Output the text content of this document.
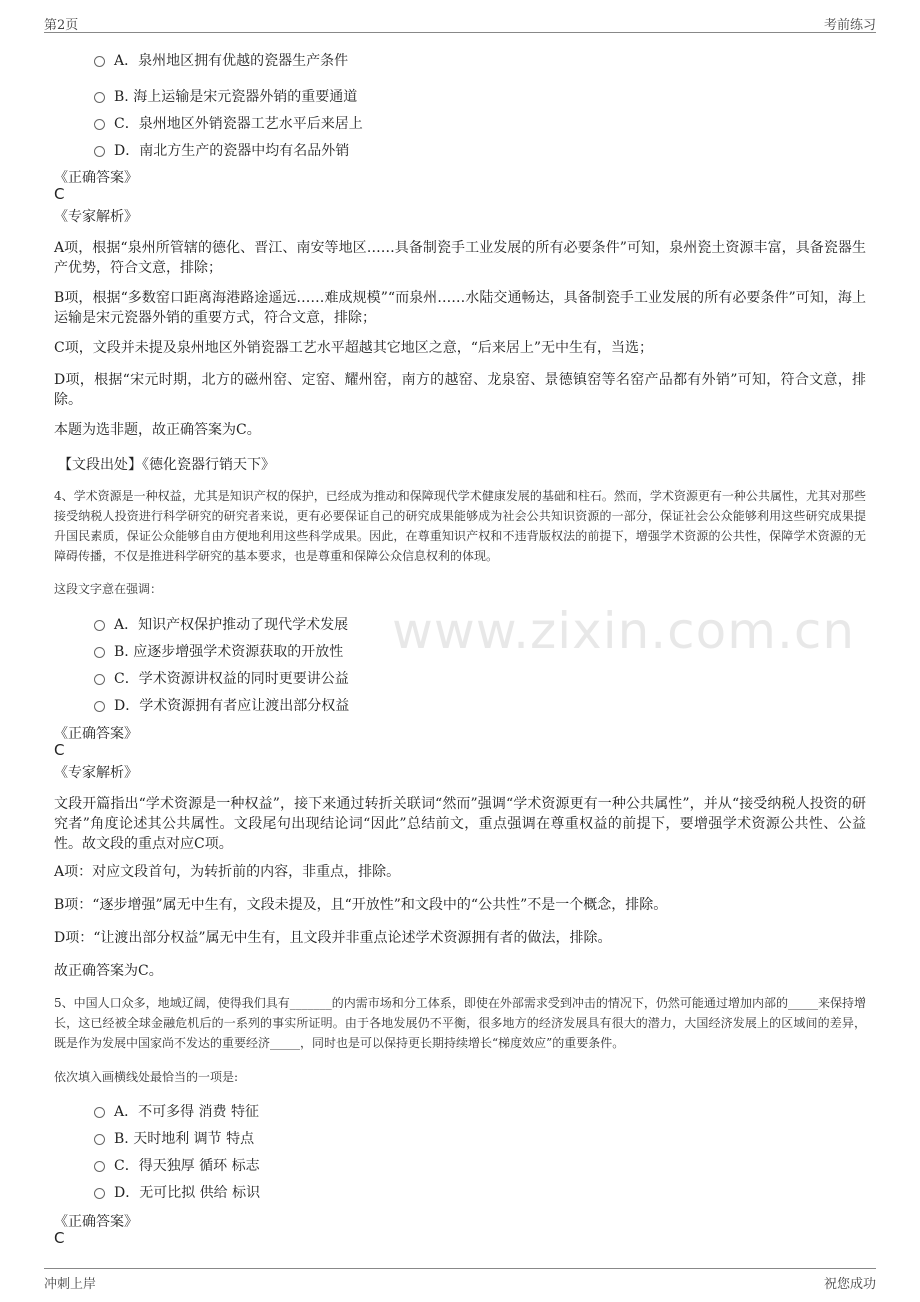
第2页	考前练习
www.zixin.com.cn
A．泉州地区拥有优越的瓷器生产条件
B. 海上运输是宋元瓷器外销的重要通道
C．泉州地区外销瓷器工艺水平后来居上
D．南北方生产的瓷器中均有名品外销
《正确答案》
C
《专家解析》
A项，根据“泉州所管辖的德化、晋江、南安等地区……具备制瓷手工业发展的所有必要条件”可知，泉州瓷土资源丰富，具备瓷器生产优势，符合文意，排除；
B项，根据“多数窑口距离海港路途遥远……难成规模”“而泉州……水陆交通畅达，具备制瓷手工业发展的所有必要条件”可知，海上运输是宋元瓷器外销的重要方式，符合文意，排除；
C项，文段并未提及泉州地区外销瓷器工艺水平超越其它地区之意，“后来居上”无中生有，当选；
D项，根据“宋元时期，北方的磁州窑、定窑、耀州窑，南方的越窑、龙泉窑、景德镇窑等名窑产品都有外销”可知，符合文意，排除。
本题为选非题，故正确答案为C。
【文段出处】《德化瓷器行销天下》
4、学术资源是一种权益，尤其是知识产权的保护，已经成为推动和保障现代学术健康发展的基础和柱石。然而，学术资源更有一种公共属性，尤其对那些接受纳税人投资进行科学研究的研究者来说，更有必要保证自己的研究成果能够成为社会公共知识资源的一部分，保证社会公众能够利用这些研究成果提升国民素质，保证公众能够自由方便地利用这些科学成果。因此，在尊重知识产权和不违背版权法的前提下，增强学术资源的公共性，保障学术资源的无障碍传播，不仅是推进科学研究的基本要求，也是尊重和保障公众信息权利的体现。
这段文字意在强调：
A．知识产权保护推动了现代学术发展
B. 应逐步增强学术资源获取的开放性
C．学术资源讲权益的同时更要讲公益
D．学术资源拥有者应让渡出部分权益
《正确答案》
C
《专家解析》
文段开篇指出“学术资源是一种权益”，接下来通过转折关联词“然而”强调“学术资源更有一种公共属性”，并从“接受纳税人投资的研究者”角度论述其公共属性。文段尾句出现结论词“因此”总结前文，重点强调在尊重权益的前提下，要增强学术资源公共性、公益性。故文段的重点对应C项。
A项：对应文段首句，为转折前的内容，非重点，排除。
B项：“逐步增强”属无中生有，文段未提及，且“开放性”和文段中的“公共性”不是一个概念，排除。
D项：“让渡出部分权益”属无中生有，且文段并非重点论述学术资源拥有者的做法，排除。
故正确答案为C。
5、中国人口众多，地域辽阔，使得我们具有_______的内需市场和分工体系，即使在外部需求受到冲击的情况下，仍然可能通过增加内部的_____来保持增长，这已经被全球金融危机后的一系列的事实所证明。由于各地发展仍不平衡，很多地方的经济发展具有很大的潜力，大国经济发展上的区域间的差异，既是作为发展中国家尚不发达的重要经济_____，同时也是可以保持更长期持续增长“梯度效应”的重要条件。
依次填入画横线处最恰当的一项是:
A．不可多得 消费 特征
B. 天时地利 调节 特点
C．得天独厚 循环 标志
D．无可比拟 供给 标识
《正确答案》
C
冲刺上岸	祝您成功
